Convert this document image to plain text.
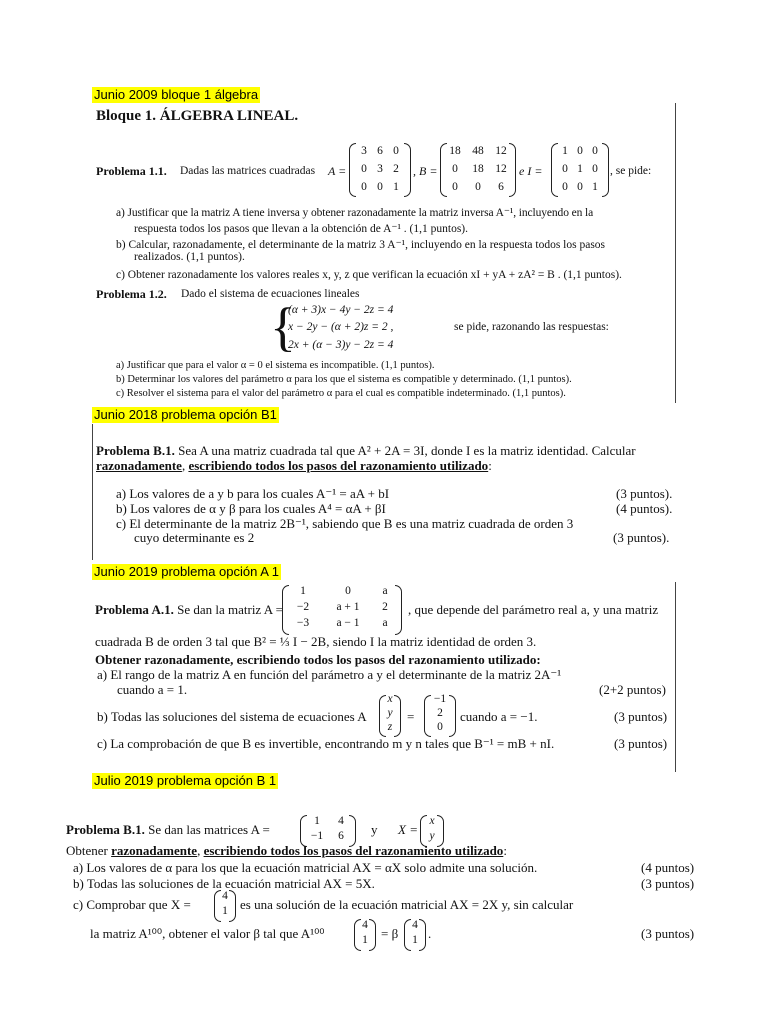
Junio 2009 bloque 1 álgebra
Junio 2018 problema opción B1
Junio 2019 problema opción A 1
Julio 2019 problema opción B 1
Bloque 1. ÁLGEBRA LINEAL.
Problema 1.1. Dadas las matrices cuadradas A =
3 6 0
0 3 2
0 0 1
, B =
18 48 12
0	18 12
0	0	6
e I =
1 0 0
0 1 0
0 0 1
, se pide:
a) Justificar que la matriz A tiene inversa y obtener razonadamente la matriz inversa A⁻¹, incluyendo en la
respuesta todos los pasos que llevan a la obtención de A⁻¹ . (1,1 puntos).
b) Calcular, razonadamente, el determinante de la matriz 3 A⁻¹, incluyendo en la respuesta todos los pasos
realizados. (1,1 puntos).
c) Obtener razonadamente los valores reales x, y, z que verifican la ecuación xI + yA + zA² = B . (1,1 puntos).
Problema 1.2. Dado el sistema de ecuaciones lineales
{
(α + 3)x − 4y − 2z = 4
x − 2y − (α + 2)z = 2 ,
2x + (α − 3)y − 2z = 4
se pide, razonando las respuestas:
a) Justificar que para el valor α = 0 el sistema es incompatible. (1,1 puntos).
b) Determinar los valores del parámetro α para los que el sistema es compatible y determinado. (1,1 puntos).
c) Resolver el sistema para el valor del parámetro α para el cual es compatible indeterminado. (1,1 puntos).
Problema B.1. Sea A una matriz cuadrada tal que A² + 2A = 3I, donde I es la matriz identidad. Calcular
razonadamente, escribiendo todos los pasos del razonamiento utilizado:
a) Los valores de a y b para los cuales A⁻¹ = aA + bI	(3 puntos).
b) Los valores de α y β para los cuales A⁴ = αA + βI	(4 puntos).
c) El determinante de la matriz 2B⁻¹, sabiendo que B es una matriz cuadrada de orden 3
cuyo determinante es 2	(3 puntos).
Problema A.1. Se dan la matriz A =
1	0	a
−2	a + 1	2
−3	a − 1	a
, que depende del parámetro real a, y una matriz
cuadrada B de orden 3 tal que B² = ⅓ I − 2B, siendo I la matriz identidad de orden 3.
Obtener razonadamente, escribiendo todos los pasos del razonamiento utilizado:
a) El rango de la matriz A en función del parámetro a y el determinante de la matriz 2A⁻¹
cuando a = 1.	(2+2 puntos)
b) Todas las soluciones del sistema de ecuaciones A
x
y
z
=
−1
2
0
cuando a = −1.	(3 puntos)
c) La comprobación de que B es invertible, encontrando m y n tales que B⁻¹ = mB + nI.	(3 puntos)
Problema B.1. Se dan las matrices A =
1	4
−1	6	y X =
x
y
Obtener razonadamente, escribiendo todos los pasos del razonamiento utilizado:
a) Los valores de α para los que la ecuación matricial AX = αX solo admite una solución.	(4 puntos)
b) Todas las soluciones de la ecuación matricial AX = 5X.	(3 puntos)
c) Comprobar que X =
4
1 es una solución de la ecuación matricial AX = 2X y, sin calcular
la matriz A¹⁰⁰, obtener el valor β tal que A¹⁰⁰
4
1	= β
4
1 .	(3 puntos)
